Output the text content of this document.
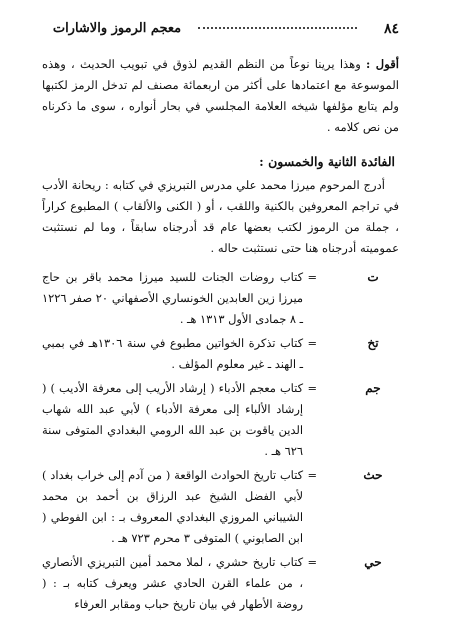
٨٤
معجم الرموز والاشارات

أقول : وهذا يرينا نوعاً من النظم القديم لذوق في تبويب الحديث ، وهذه الموسوعة مع اعتمادها على أكثر من اربعمائة مصنف لم تدخل الرمز لكتبها ولم يتابع مؤلفها شيخه العلامة المجلسي في بحار أنواره ، سوى ما ذكرناه من نص كلامه .

الفائدة الثانية والخمسون :

أدرج المرحوم ميرزا محمد علي مدرس التبريزي في كتابه : ريحانة الأدب في تراجم المعروفين بالكنية واللقب ، أو ( الكنى والألقاب ) المطبوع كراراً ، جملة من الرموز لكتب بعضها عام قد أدرجناه سابقاً ، وما لم نستثبت عموميته أدرجناه هنا حتى نستثبت حاله .

ت
=
كتاب روضات الجنات للسيد ميرزا محمد باقر بن حاج ميرزا زين العابدين الخونساري الأصفهاني ٢٠ صفر ١٢٢٦ ـ ٨ جمادى الأول ١٣١٣ هـ .
تخ
=
كتاب تذكرة الخواتين مطبوع في سنة ١٣٠٦هـ في بمبي ـ الهند ـ غير معلوم المؤلف .
جم
=
كتاب معجم الأدباء ( إرشاد الأريب إلى معرفة الأديب ) ( إرشاد الألباء إلى معرفة الأدباء ) لأبي عبد الله شهاب الدين ياقوت بن عبد الله الرومي البغدادي المتوفى سنة ٦٢٦ هـ .
حث
=
كتاب تاريخ الحوادث الواقعة ( من آدم إلى خراب بغداد ) لأبي الفضل الشيخ عبد الرزاق بن أحمد بن محمد الشيباني المروزي البغدادي المعروف بـ : ابن الفوطي ( ابن الصابوني ) المتوفى ٣ محرم ٧٢٣ هـ .
حي
=
كتاب تاريخ حشري ، لملا محمد أمين التبريزي الأنصاري ، من علماء القرن الحادي عشر ويعرف كتابه بـ : ( روضة الأطهار في بيان تاريخ حباب ومقابر العرفاء
